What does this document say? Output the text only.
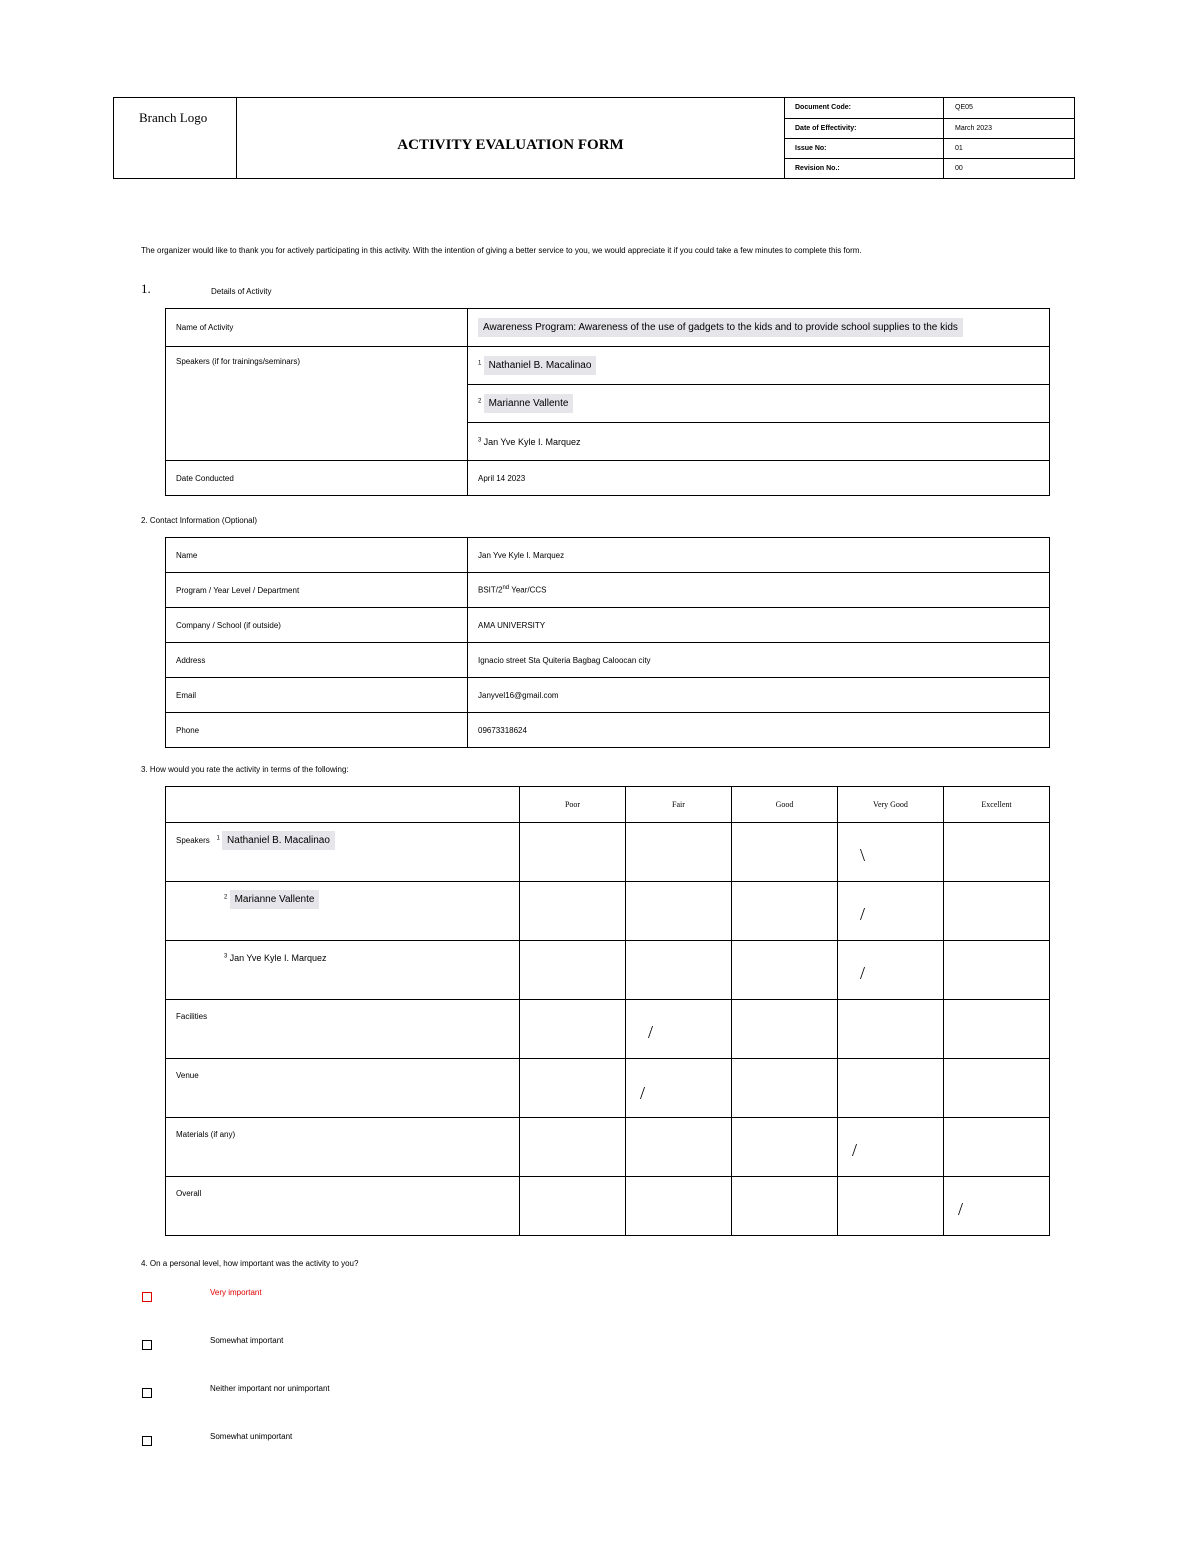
Branch Logo
ACTIVITY EVALUATION FORM
Document Code:	QE05
Date of Effectivity:	March 2023
Issue No:	01
Revision No.:	00
The organizer would like to thank you for actively participating in this activity. With the intention of giving a better service to you, we would appreciate it if you could take a few minutes to complete this form.
1.	Details of Activity
Name of Activity	Awareness Program: Awareness of the use of gadgets to the kids and to provide school supplies to the kids
Speakers (if for trainings/seminars)	$^1$ Nathaniel B. Macalinao
	$^2$ Marianne Vallente
	$^3$ Jan Yve Kyle I. Marquez
Date Conducted	April 14 2023
2. Contact Information (Optional)
Name	Jan Yve Kyle I. Marquez
Program / Year Level / Department	BSIT/2nd Year/CCS
Company / School (if outside)	AMA UNIVERSITY
Address	Ignacio street Sta Quiteria Bagbag Caloocan city
Email	Janyvel16@gmail.com
Phone	09673318624
3. How would you rate the activity in terms of the following:
	Poor	Fair	Good	Very Good	Excellent
Speakers $^1$ Nathaniel B. Macalinao				\	

$^2$ Marianne Vallente				/	

$^3$ Jan Yve Kyle I. Marquez				/	

Facilities		/			

Venue		/			

Materials (if any)				/	

Overall					/
4. On a personal level, how important was the activity to you?
Very important
Somewhat important
Neither important nor unimportant
Somewhat unimportant
